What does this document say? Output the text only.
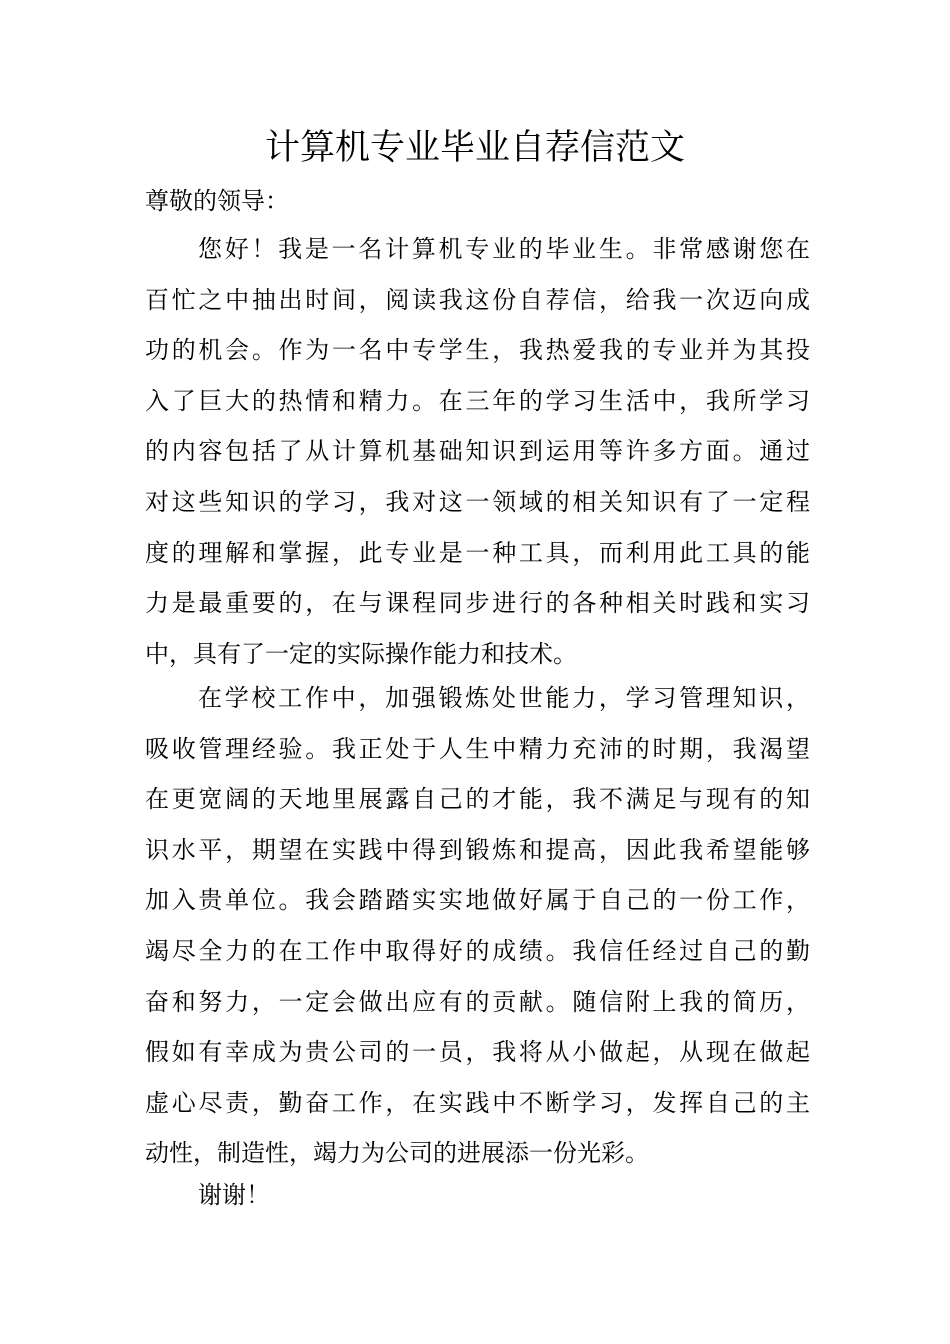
计算机专业毕业自荐信范文

尊敬的领导：

您好！我是一名计算机专业的毕业生。非常感谢您在
百忙之中抽出时间，阅读我这份自荐信，给我一次迈向成
功的机会。作为一名中专学生，我热爱我的专业并为其投
入了巨大的热情和精力。在三年的学习生活中，我所学习
的内容包括了从计算机基础知识到运用等许多方面。通过
对这些知识的学习，我对这一领域的相关知识有了一定程
度的理解和掌握，此专业是一种工具，而利用此工具的能
力是最重要的，在与课程同步进行的各种相关时践和实习
中，具有了一定的实际操作能力和技术。
在学校工作中，加强锻炼处世能力，学习管理知识，
吸收管理经验。我正处于人生中精力充沛的时期，我渴望
在更宽阔的天地里展露自己的才能，我不满足与现有的知
识水平，期望在实践中得到锻炼和提高，因此我希望能够
加入贵单位。我会踏踏实实地做好属于自己的一份工作，
竭尽全力的在工作中取得好的成绩。我信任经过自己的勤
奋和努力，一定会做出应有的贡献。随信附上我的简历，
假如有幸成为贵公司的一员，我将从小做起，从现在做起
虚心尽责，勤奋工作，在实践中不断学习，发挥自己的主
动性，制造性，竭力为公司的进展添一份光彩。

谢谢！
